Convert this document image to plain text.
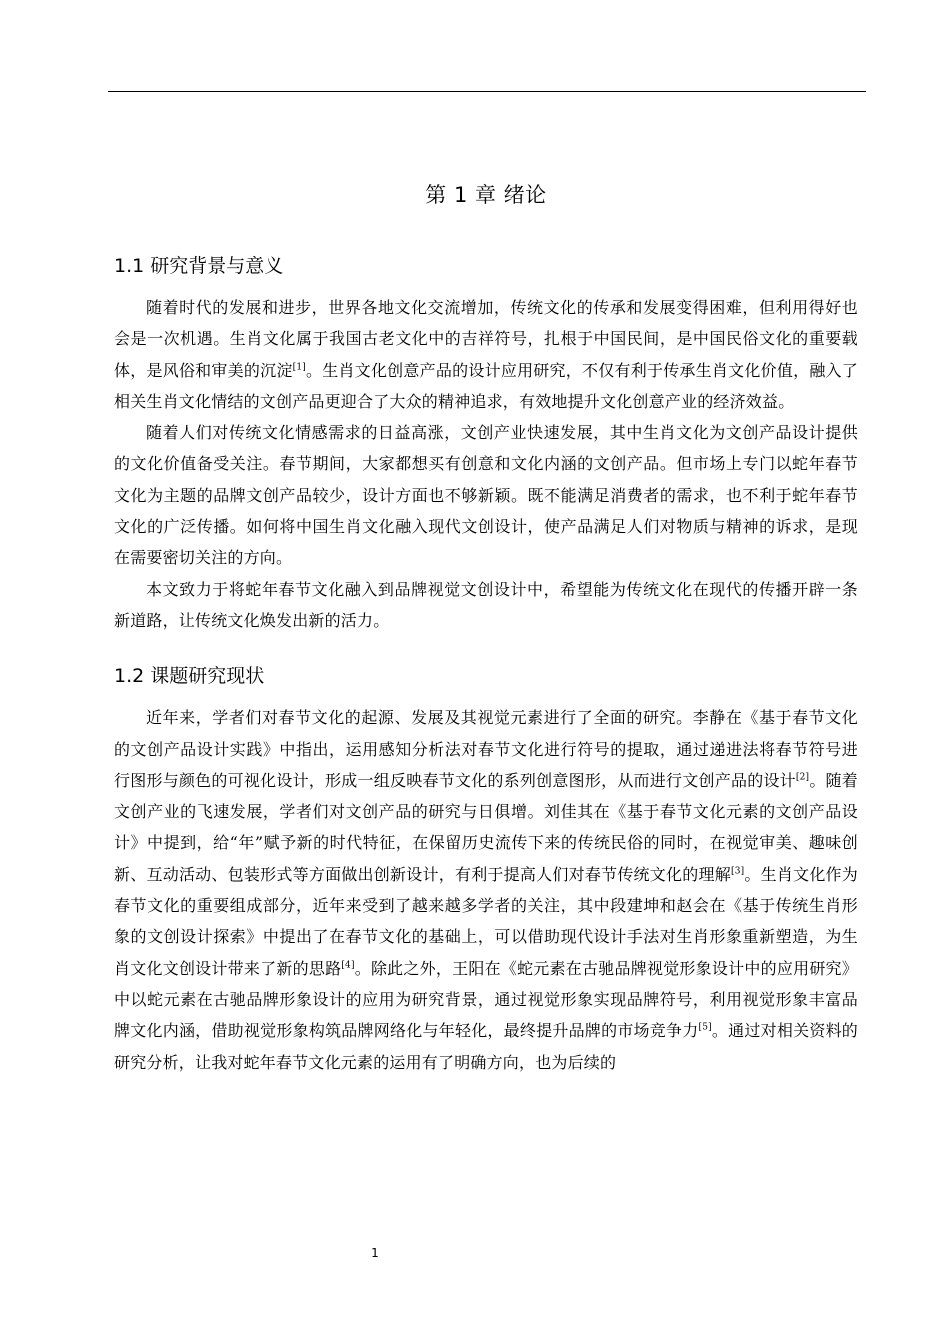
第 1 章 绪论
1.1 研究背景与意义

随着时代的发展和进步，世界各地文化交流增加，传统文化的传承和发展变得困难，但利用得好也会是一次机遇。生肖文化属于我国古老文化中的吉祥符号，扎根于中国民间，是中国民俗文化的重要载体，是风俗和审美的沉淀[1]。生肖文化创意产品的设计应用研究，不仅有利于传承生肖文化价值，融入了相关生肖文化情结的文创产品更迎合了大众的精神追求，有效地提升文化创意产业的经济效益。

随着人们对传统文化情感需求的日益高涨，文创产业快速发展，其中生肖文化为文创产品设计提供的文化价值备受关注。春节期间，大家都想买有创意和文化内涵的文创产品。但市场上专门以蛇年春节文化为主题的品牌文创产品较少，设计方面也不够新颖。既不能满足消费者的需求，也不利于蛇年春节文化的广泛传播。如何将中国生肖文化融入现代文创设计，使产品满足人们对物质与精神的诉求，是现在需要密切关注的方向。

本文致力于将蛇年春节文化融入到品牌视觉文创设计中，希望能为传统文化在现代的传播开辟一条新道路，让传统文化焕发出新的活力。

1.2 课题研究现状

近年来，学者们对春节文化的起源、发展及其视觉元素进行了全面的研究。李静在《基于春节文化的文创产品设计实践》中指出，运用感知分析法对春节文化进行符号的提取，通过递进法将春节符号进行图形与颜色的可视化设计，形成一组反映春节文化的系列创意图形，从而进行文创产品的设计[2]。随着文创产业的飞速发展，学者们对文创产品的研究与日俱增。刘佳其在《基于春节文化元素的文创产品设计》中提到，给“年”赋予新的时代特征，在保留历史流传下来的传统民俗的同时，在视觉审美、趣味创新、互动活动、包装形式等方面做出创新设计，有利于提高人们对春节传统文化的理解[3]。生肖文化作为春节文化的重要组成部分，近年来受到了越来越多学者的关注，其中段建坤和赵会在《基于传统生肖形象的文创设计探索》中提出了在春节文化的基础上，可以借助现代设计手法对生肖形象重新塑造，为生肖文化文创设计带来了新的思路[4]。除此之外，王阳在《蛇元素在古驰品牌视觉形象设计中的应用研究》中以蛇元素在古驰品牌形象设计的应用为研究背景，通过视觉形象实现品牌符号，利用视觉形象丰富品牌文化内涵，借助视觉形象构筑品牌网络化与年轻化，最终提升品牌的市场竞争力[5]。通过对相关资料的研究分析，让我对蛇年春节文化元素的运用有了明确方向，也为后续的

1
